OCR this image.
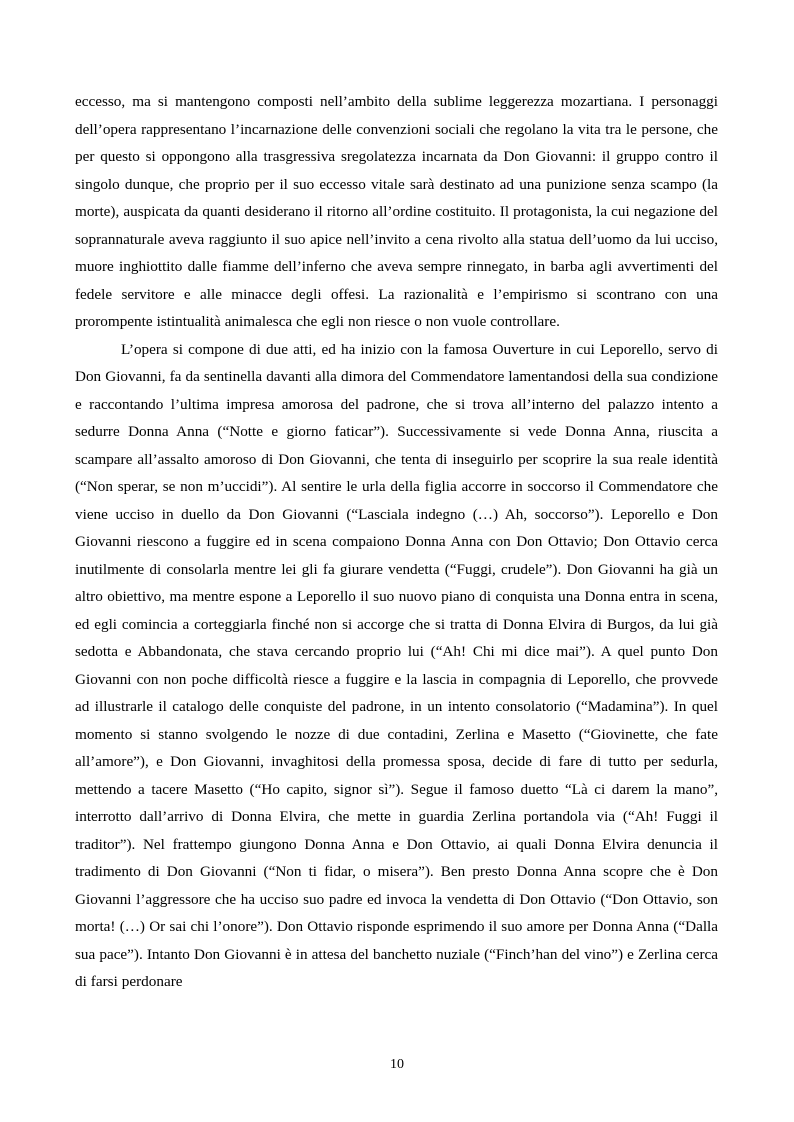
eccesso, ma si mantengono composti nell’ambito della sublime leggerezza mozartiana. I personaggi dell’opera rappresentano l’incarnazione delle convenzioni sociali che regolano la vita tra le persone, che per questo si oppongono alla trasgressiva sregolatezza incarnata da Don Giovanni: il gruppo contro il singolo dunque, che proprio per il suo eccesso vitale sarà destinato ad una punizione senza scampo (la morte), auspicata da quanti desiderano il ritorno all’ordine costituito. Il protagonista, la cui negazione del soprannaturale aveva raggiunto il suo apice nell’invito a cena rivolto alla statua dell’uomo da lui ucciso, muore inghiottito dalle fiamme dell’inferno che aveva sempre rinnegato, in barba agli avvertimenti del fedele servitore e alle minacce degli offesi. La razionalità e l’empirismo si scontrano con una prorompente istintualità animalesca che egli non riesce o non vuole controllare.

L’opera si compone di due atti, ed ha inizio con la famosa Ouverture in cui Leporello, servo di Don Giovanni, fa da sentinella davanti alla dimora del Commendatore lamentandosi della sua condizione e raccontando l’ultima impresa amorosa del padrone, che si trova all’interno del palazzo intento a sedurre Donna Anna (“Notte e giorno faticar”). Successivamente si vede Donna Anna, riuscita a scampare all’assalto amoroso di Don Giovanni, che tenta di inseguirlo per scoprire la sua reale identità (“Non sperar, se non m’uccidi”). Al sentire le urla della figlia accorre in soccorso il Commendatore che viene ucciso in duello da Don Giovanni (“Lasciala indegno (…) Ah, soccorso”). Leporello e Don Giovanni riescono a fuggire ed in scena compaiono Donna Anna con Don Ottavio; Don Ottavio cerca inutilmente di consolarla mentre lei gli fa giurare vendetta (“Fuggi, crudele”). Don Giovanni ha già un altro obiettivo, ma mentre espone a Leporello il suo nuovo piano di conquista una Donna entra in scena, ed egli comincia a corteggiarla finché non si accorge che si tratta di Donna Elvira di Burgos, da lui già sedotta e Abbandonata, che stava cercando proprio lui (“Ah! Chi mi dice mai”). A quel punto Don Giovanni con non poche difficoltà riesce a fuggire e la lascia in compagnia di Leporello, che provvede ad illustrarle il catalogo delle conquiste del padrone, in un intento consolatorio (“Madamina”). In quel momento si stanno svolgendo le nozze di due contadini, Zerlina e Masetto (“Giovinette, che fate all’amore”), e Don Giovanni, invaghitosi della promessa sposa, decide di fare di tutto per sedurla, mettendo a tacere Masetto (“Ho capito, signor sì”). Segue il famoso duetto “Là ci darem la mano”, interrotto dall’arrivo di Donna Elvira, che mette in guardia Zerlina portandola via (“Ah! Fuggi il traditor”). Nel frattempo giungono Donna Anna e Don Ottavio, ai quali Donna Elvira denuncia il tradimento di Don Giovanni (“Non ti fidar, o misera”). Ben presto Donna Anna scopre che è Don Giovanni l’aggressore che ha ucciso suo padre ed invoca la vendetta di Don Ottavio (“Don Ottavio, son morta! (…) Or sai chi l’onore”). Don Ottavio risponde esprimendo il suo amore per Donna Anna (“Dalla sua pace”). Intanto Don Giovanni è in attesa del banchetto nuziale (“Finch’han del vino”) e Zerlina cerca di farsi perdonare

10
